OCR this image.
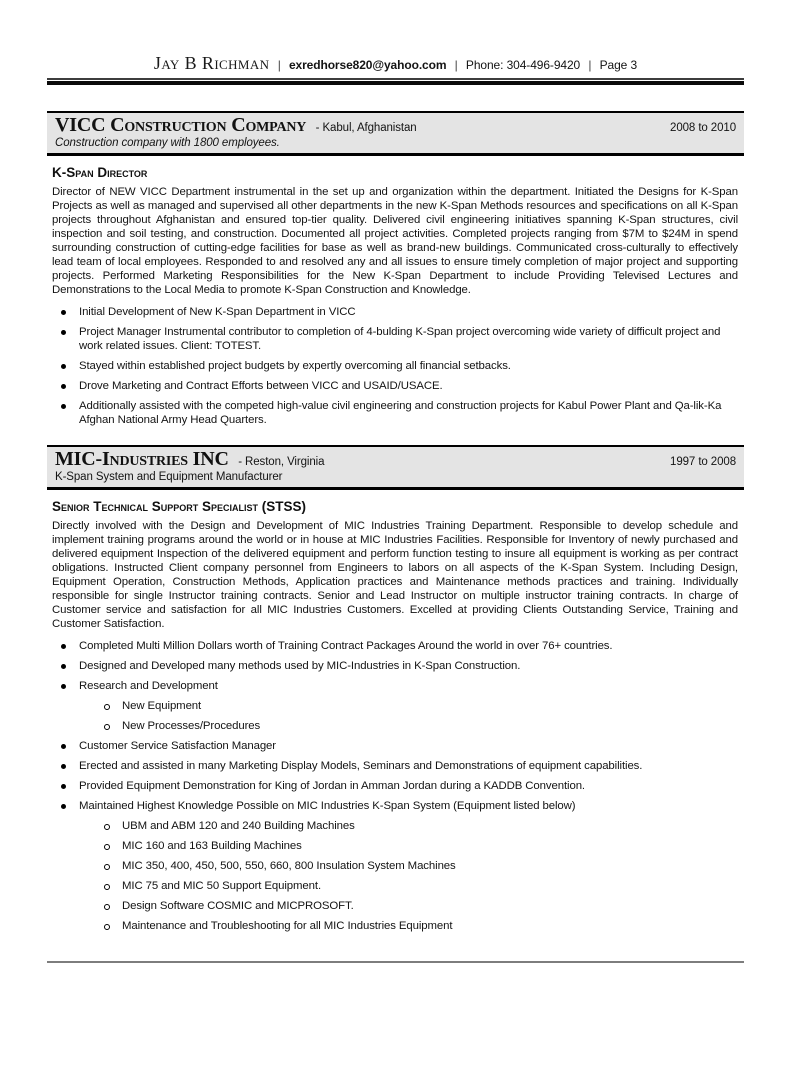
Jay B Richman | exredhorse820@yahoo.com | Phone: 304-496-9420 | Page 3
VICC Construction Company - Kabul, Afghanistan	2008 to 2010
Construction company with 1800 employees.
K-Span Director

Director of NEW VICC Department instrumental in the set up and organization within the department. Initiated the Designs for K-Span Projects as well as managed and supervised all other departments in the new K-Span Methods resources and specifications on all K-Span projects throughout Afghanistan and ensured top-tier quality. Delivered civil engineering initiatives spanning K-Span structures, civil inspection and soil testing, and construction. Documented all project activities. Completed projects ranging from $7M to $24M in spend surrounding construction of cutting-edge facilities for base as well as brand-new buildings. Communicated cross-culturally to effectively lead team of local employees. Responded to and resolved any and all issues to ensure timely completion of major project and supporting projects. Performed Marketing Responsibilities for the New K-Span Department to include Providing Televised Lectures and Demonstrations to the Local Media to promote K-Span Construction and Knowledge.

Initial Development of New K-Span Department in VICC
Project Manager Instrumental contributor to completion of 4-bulding K-Span project overcoming wide variety of difficult project and work related issues. Client: TOTEST.
Stayed within established project budgets by expertly overcoming all financial setbacks.
Drove Marketing and Contract Efforts between VICC and USAID/USACE.
Additionally assisted with the competed high-value civil engineering and construction projects for Kabul Power Plant and Qa-lik-Ka Afghan National Army Head Quarters.
MIC-Industries INC - Reston, Virginia	1997 to 2008
K-Span System and Equipment Manufacturer
Senior Technical Support Specialist (STSS)

Directly involved with the Design and Development of MIC Industries Training Department. Responsible to develop schedule and implement training programs around the world or in house at MIC Industries Facilities. Responsible for Inventory of newly purchased and delivered equipment Inspection of the delivered equipment and perform function testing to insure all equipment is working as per contract obligations. Instructed Client company personnel from Engineers to labors on all aspects of the K-Span System. Including Design, Equipment Operation, Construction Methods, Application practices and Maintenance methods practices and training. Individually responsible for single Instructor training contracts. Senior and Lead Instructor on multiple instructor training contracts. In charge of Customer service and satisfaction for all MIC Industries Customers. Excelled at providing Clients Outstanding Service, Training and Customer Satisfaction.

Completed Multi Million Dollars worth of Training Contract Packages Around the world in over 76+ countries.
Designed and Developed many methods used by MIC-Industries in K-Span Construction.
Research and Development
New Equipment
New Processes/Procedures
Customer Service Satisfaction Manager
Erected and assisted in many Marketing Display Models, Seminars and Demonstrations of equipment capabilities.
Provided Equipment Demonstration for King of Jordan in Amman Jordan during a KADDB Convention.
Maintained Highest Knowledge Possible on MIC Industries K-Span System (Equipment listed below)
UBM and ABM 120 and 240 Building Machines
MIC 160 and 163 Building Machines
MIC 350, 400, 450, 500, 550, 660, 800 Insulation System Machines
MIC 75 and MIC 50 Support Equipment.
Design Software COSMIC and MICPROSOFT.
Maintenance and Troubleshooting for all MIC Industries Equipment
